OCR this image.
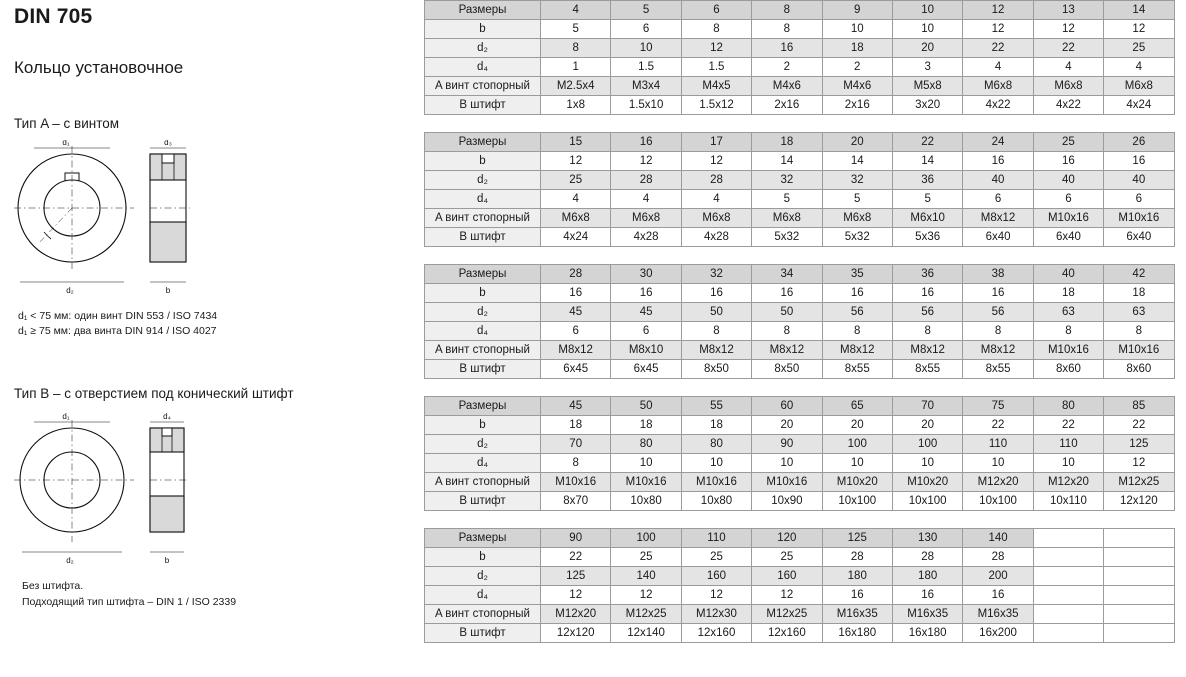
DIN 705
Кольцо установочное
Тип A – с винтом
d₁	d₃
d₂	b
d₁ < 75 мм: один винт DIN 553 / ISO 7434
d₁ ≥ 75 мм: два винта DIN 914 / ISO 4027
Тип B – с отверстием под конический штифт
d₁	d₄
d₂	b
Без штифта.
Подходящий тип штифта – DIN 1 / ISO 2339
Размеры	4	5	6	8	9	10	12	13	14
b	5	6	8	8	10	10	12	12	12
d₂	8	10	12	16	18	20	22	22	25
d₄	1	1.5	1.5	2	2	3	4	4	4
A винт стопорный	M2.5x4	M3x4	M4x5	M4x6	M4x6	M5x8	M6x8	M6x8	M6x8
B штифт	1x8	1.5x10	1.5x12	2x16	2x16	3x20	4x22	4x22	4x24
Размеры	15	16	17	18	20	22	24	25	26
b	12	12	12	14	14	14	16	16	16
d₂	25	28	28	32	32	36	40	40	40
d₄	4	4	4	5	5	5	6	6	6
A винт стопорный	M6x8	M6x8	M6x8	M6x8	M6x8	M6x10	M8x12	M10x16	M10x16
B штифт	4x24	4x28	4x28	5x32	5x32	5x36	6x40	6x40	6x40
Размеры	28	30	32	34	35	36	38	40	42
b	16	16	16	16	16	16	16	18	18
d₂	45	45	50	50	56	56	56	63	63
d₄	6	6	8	8	8	8	8	8	8
A винт стопорный	M8x12	M8x10	M8x12	M8x12	M8x12	M8x12	M8x12	M10x16	M10x16
B штифт	6x45	6x45	8x50	8x50	8x55	8x55	8x55	8x60	8x60
Размеры	45	50	55	60	65	70	75	80	85
b	18	18	18	20	20	20	22	22	22
d₂	70	80	80	90	100	100	110	110	125
d₄	8	10	10	10	10	10	10	10	12
A винт стопорный	M10x16	M10x16	M10x16	M10x16	M10x20	M10x20	M12x20	M12x20	M12x25
B штифт	8x70	10x80	10x80	10x90	10x100	10x100	10x100	10x110	12x120
Размеры	90	100	110	120	125	130	140		
b	22	25	25	25	28	28	28		
d₂	125	140	160	160	180	180	200		
d₄	12	12	12	12	16	16	16		
A винт стопорный	M12x20	M12x25	M12x30	M12x25	M16x35	M16x35	M16x35		
B штифт	12x120	12x140	12x160	12x160	16x180	16x180	16x200		
